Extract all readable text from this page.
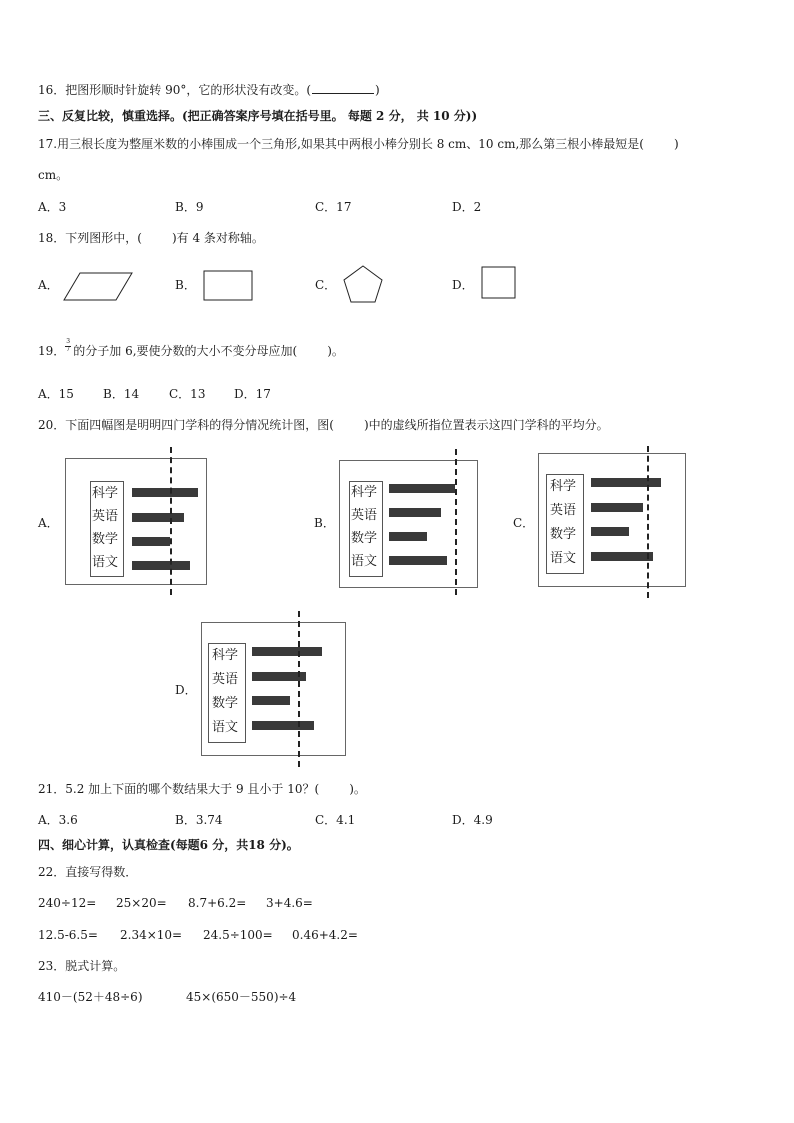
16．把图形顺时针旋转 90°，它的形状没有改变。(	)
三、反复比较，慎重选择。(把正确答案序号填在括号里。 每题 2 分， 共 10 分))
17.用三根长度为整厘米数的小棒围成一个三角形,如果其中两根小棒分别长 8 cm、10 cm,那么第三根小棒最短是(	)
cm。
A．3	B．9	C．17	D．2
18．下列图形中，(	)有 4 条对称轴。
A．	B．	C．	D．
19．
3
7 的分子加 6,要使分数的大小不变分母应加(	)。
A．15 B．14 C．13 D．17
20．下面四幅图是明明四门学科的得分情况统计图，图(	)中的虚线所指位置表示这四门学科的平均分。
A．
科学
英语
数学
语文
B．
科学
英语
数学
语文
C．
科学
英语
数学
语文
D．
科学
英语
数学
语文
21．5.2 加上下面的哪个数结果大于 9 且小于 10？(	)。
A．3.6	B．3.74	C．4.1	D．4.9
四、细心计算，认真检查(每题6 分，共18 分)。
22．直接写得数．
240÷12= 25×20= 8.7+6.2= 3+4.6=
12.5-6.5= 2.34×10= 24.5÷100= 0.46+4.2=
23．脱式计算。
410－(52＋48÷6)	45×(650－550)÷4
